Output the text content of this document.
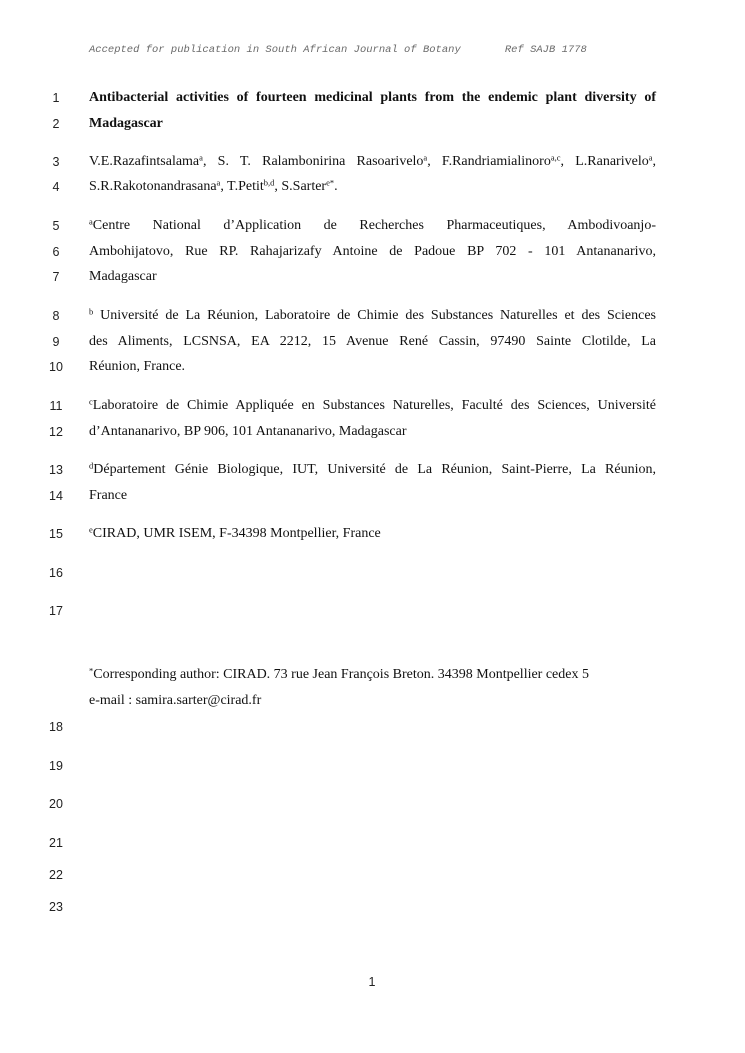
Accepted for publication in South African Journal of Botany	Ref SAJB 1778
1
2
3
4
5
6
7
8
9
10
11
12
13
14
15
16
17
18
19
20
21
22
23
Antibacterial activities of fourteen medicinal plants from the endemic plant diversity of
Madagascar
V.E.Razafintsalama$^a$, S. T. Ralambonirina Rasoarivelo$^a$, F.Randriamialinoro$^{a,c}$, L.Ranarivelo$^a$,
S.R.Rakotonandrasana$^a$, T.Petit$^{b,d}$, S.Sarter$^{e*}$.
$^a$Centre National d’Application de Recherches Pharmaceutiques, Ambodivoanjo-
Ambohijatovo, Rue RP. Rahajarizafy Antoine de Padoue BP 702 - 101 Antananarivo,
Madagascar
$^b$ Université de La Réunion, Laboratoire de Chimie des Substances Naturelles et des Sciences
des Aliments, LCSNSA, EA 2212, 15 Avenue René Cassin, 97490 Sainte Clotilde, La
Réunion, France.
$^c$Laboratoire de Chimie Appliquée en Substances Naturelles, Faculté des Sciences, Université
d’Antananarivo, BP 906, 101 Antananarivo, Madagascar
$^d$Département Génie Biologique, IUT, Université de La Réunion, Saint-Pierre, La Réunion,
France
$^e$CIRAD, UMR ISEM, F-34398 Montpellier, France
*Corresponding author: CIRAD. 73 rue Jean François Breton. 34398 Montpellier cedex 5
e-mail : samira.sarter@cirad.fr
1
